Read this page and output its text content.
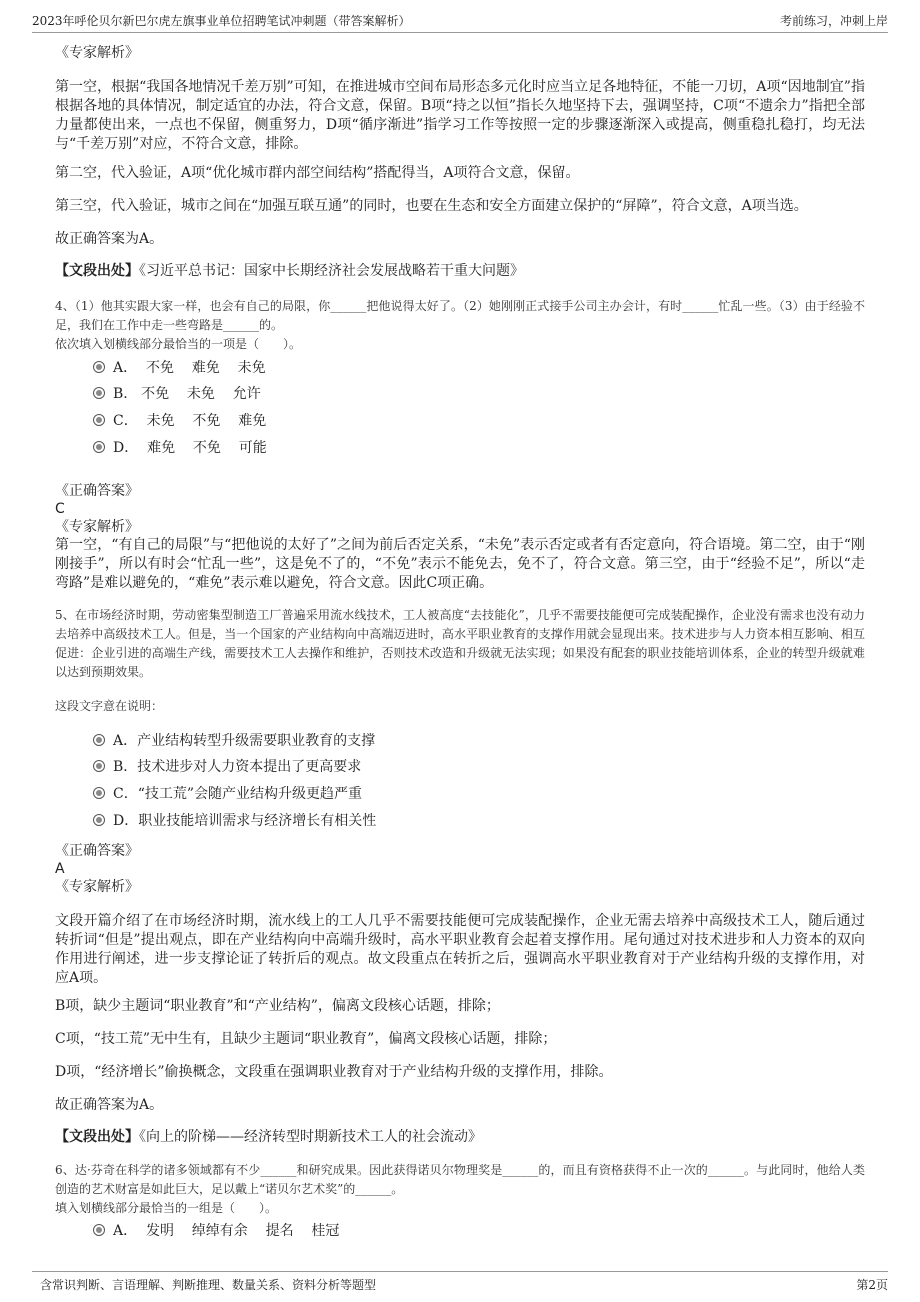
2023年呼伦贝尔新巴尔虎左旗事业单位招聘笔试冲刺题（带答案解析）	考前练习，冲刺上岸

《专家解析》

第一空，根据“我国各地情况千差万别”可知，在推进城市空间布局形态多元化时应当立足各地特征，不能一刀切，A项“因地制宜”指根据各地的具体情况，制定适宜的办法，符合文意，保留。B项“持之以恒”指长久地坚持下去，强调坚持，C项“不遗余力”指把全部力量都使出来，一点也不保留，侧重努力，D项“循序渐进”指学习工作等按照一定的步骤逐渐深入或提高，侧重稳扎稳打，均无法与“千差万别”对应，不符合文意，排除。

第二空，代入验证，A项“优化城市群内部空间结构”搭配得当，A项符合文意，保留。

第三空，代入验证，城市之间在“加强互联互通”的同时，也要在生态和安全方面建立保护的“屏障”，符合文意，A项当选。

故正确答案为A。

【文段出处】《习近平总书记：国家中长期经济社会发展战略若干重大问题》

4、（1）他其实跟大家一样，也会有自己的局限，你______把他说得太好了。（2）她刚刚正式接手公司主办会计，有时______忙乱一些。（3）由于经验不足，我们在工作中走一些弯路是______的。

依次填入划横线部分最恰当的一项是（　　）。

A．  不免    难免    未免
B.   不免    未免    允许
C．  未免    不免    难免
D．  难免    不免    可能

《正确答案》

C

《专家解析》

第一空，“有自己的局限”与“把他说的太好了”之间为前后否定关系，“未免”表示否定或者有否定意向，符合语境。第二空，由于“刚刚接手”，所以有时会“忙乱一些”，这是免不了的，“不免”表示不能免去，免不了，符合文意。第三空，由于“经验不足”，所以“走弯路”是难以避免的，“难免”表示难以避免，符合文意。因此C项正确。

5、在市场经济时期，劳动密集型制造工厂普遍采用流水线技术，工人被高度“去技能化”，几乎不需要技能便可完成装配操作，企业没有需求也没有动力去培养中高级技术工人。但是，当一个国家的产业结构向中高端迈进时，高水平职业教育的支撑作用就会显现出来。技术进步与人力资本相互影响、相互促进：企业引进的高端生产线，需要技术工人去操作和维护，否则技术改造和升级就无法实现；如果没有配套的职业技能培训体系，企业的转型升级就难以达到预期效果。

这段文字意在说明：

A．产业结构转型升级需要职业教育的支撑
B．技术进步对人力资本提出了更高要求
C．“技工荒”会随产业结构升级更趋严重
D．职业技能培训需求与经济增长有相关性

《正确答案》

A

《专家解析》

文段开篇介绍了在市场经济时期，流水线上的工人几乎不需要技能便可完成装配操作，企业无需去培养中高级技术工人，随后通过转折词“但是”提出观点，即在产业结构向中高端升级时，高水平职业教育会起着支撑作用。尾句通过对技术进步和人力资本的双向作用进行阐述，进一步支撑论证了转折后的观点。故文段重点在转折之后，强调高水平职业教育对于产业结构升级的支撑作用，对应A项。

B项，缺少主题词“职业教育”和“产业结构”，偏离文段核心话题，排除；

C项，“技工荒”无中生有，且缺少主题词“职业教育”，偏离文段核心话题，排除；

D项，“经济增长”偷换概念，文段重在强调职业教育对于产业结构升级的支撑作用，排除。

故正确答案为A。

【文段出处】《向上的阶梯——经济转型时期新技术工人的社会流动》

6、达·芬奇在科学的诸多领域都有不少______和研究成果。因此获得诺贝尔物理奖是______的，而且有资格获得不止一次的______。与此同时，他给人类创造的艺术财富是如此巨大，足以戴上“诺贝尔艺术奖”的______。

填入划横线部分最恰当的一组是（　　）。

A．  发明    绰绰有余    提名    桂冠
含常识判断、言语理解、判断推理、数量关系、资料分析等题型	第2页
